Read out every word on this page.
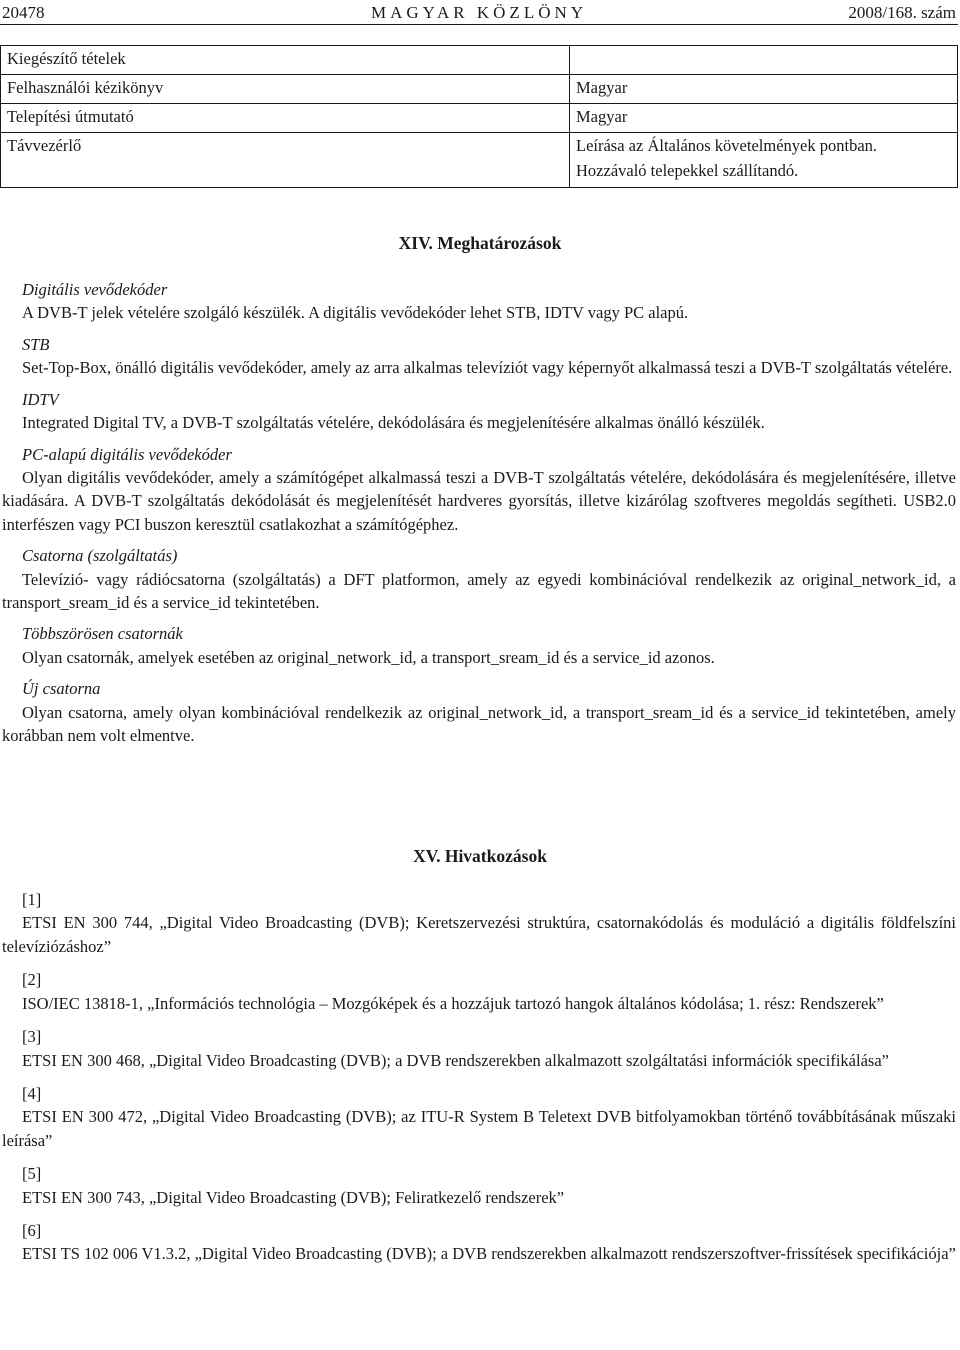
20478	MAGYAR KÖZLÖNY	2008/168. szám
Kiegészítő tételek	
Felhasználói kézikönyv	Magyar
Telepítési útmutató	Magyar
Távvezérlő	Leírása az Általános követelmények pontban.
Hozzávaló telepekkel szállítandó.
XIV. Meghatározások

Digitális vevődekóder

A DVB-T jelek vételére szolgáló készülék. A digitális vevődekóder lehet STB, IDTV vagy PC alapú.

STB

Set-Top-Box, önálló digitális vevődekóder, amely az arra alkalmas televíziót vagy képernyőt alkalmassá teszi a DVB-T szolgáltatás vételére.

IDTV

Integrated Digital TV, a DVB-T szolgáltatás vételére, dekódolására és megjelenítésére alkalmas önálló készülék.

PC-alapú digitális vevődekóder

Olyan digitális vevődekóder, amely a számítógépet alkalmassá teszi a DVB-T szolgáltatás vételére, dekódolására és megjelenítésére, illetve kiadására. A DVB-T szolgáltatás dekódolását és megjelenítését hardveres gyorsítás, illetve kizárólag szoftveres megoldás segítheti. USB2.0 interfészen vagy PCI buszon keresztül csatlakozhat a számítógéphez.

Csatorna (szolgáltatás)

Televízió- vagy rádiócsatorna (szolgáltatás) a DFT platformon, amely az egyedi kombinációval rendelkezik az original_network_id, a transport_sream_id és a service_id tekintetében.

Többszörösen csatornák

Olyan csatornák, amelyek esetében az original_network_id, a transport_sream_id és a service_id azonos.

Új csatorna

Olyan csatorna, amely olyan kombinációval rendelkezik az original_network_id, a transport_sream_id és a service_id tekintetében, amely korábban nem volt elmentve.

XV. Hivatkozások

[1]

ETSI EN 300 744, „Digital Video Broadcasting (DVB); Keretszervezési struktúra, csatornakódolás és moduláció a digitális földfelszíni televíziózáshoz”

[2]

ISO/IEC 13818-1, „Információs technológia – Mozgóképek és a hozzájuk tartozó hangok általános kódolása; 1. rész: Rendszerek”

[3]

ETSI EN 300 468, „Digital Video Broadcasting (DVB); a DVB rendszerekben alkalmazott szolgáltatási információk specifikálása”

[4]

ETSI EN 300 472, „Digital Video Broadcasting (DVB); az ITU-R System B Teletext DVB bitfolyamokban történő továbbításának műszaki leírása”

[5]

ETSI EN 300 743, „Digital Video Broadcasting (DVB); Feliratkezelő rendszerek”

[6]

ETSI TS 102 006 V1.3.2, „Digital Video Broadcasting (DVB); a DVB rendszerekben alkalmazott rendszerszoftver-frissítések specifikációja”
